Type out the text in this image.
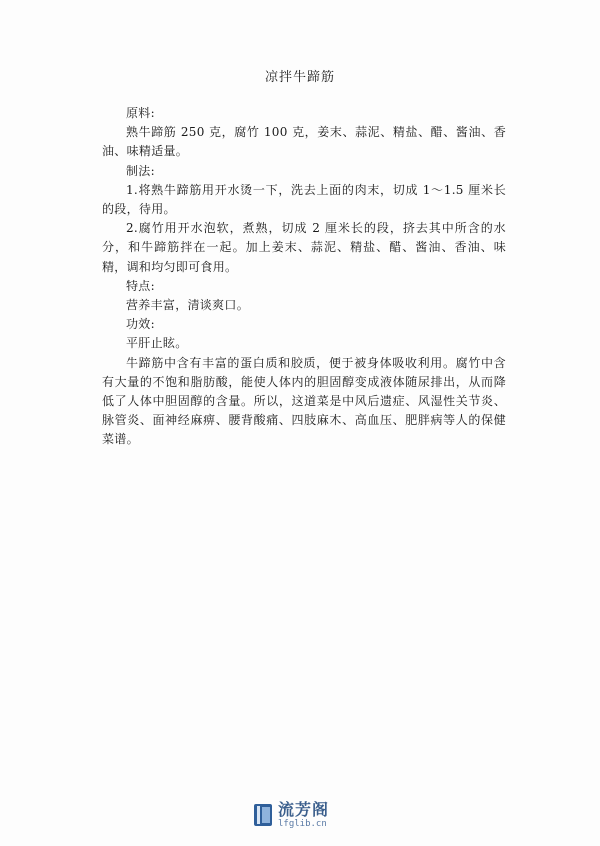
凉拌牛蹄筋

原料:

熟牛蹄筋 250 克，腐竹 100 克，姜末、蒜泥、精盐、醋、酱油、香油、味精适量。

制法:

1.将熟牛蹄筋用开水烫一下，洗去上面的肉末，切成 1～1.5 厘米长的段，待用。

2.腐竹用开水泡软，煮熟，切成 2 厘米长的段，挤去其中所含的水分，和牛蹄筋拌在一起。加上姜末、蒜泥、精盐、醋、酱油、香油、味精，调和均匀即可食用。

特点:

营养丰富，清谈爽口。

功效:

平肝止眩。

牛蹄筋中含有丰富的蛋白质和胶质，便于被身体吸收利用。腐竹中含有大量的不饱和脂肪酸，能使人体内的胆固醇变成液体随尿排出，从而降低了人体中胆固醇的含量。所以，这道菜是中风后遗症、风湿性关节炎、脉管炎、面神经麻痹、腰背酸痛、四肢麻木、高血压、肥胖病等人的保健菜谱。

流芳阁
lfglib.cn
